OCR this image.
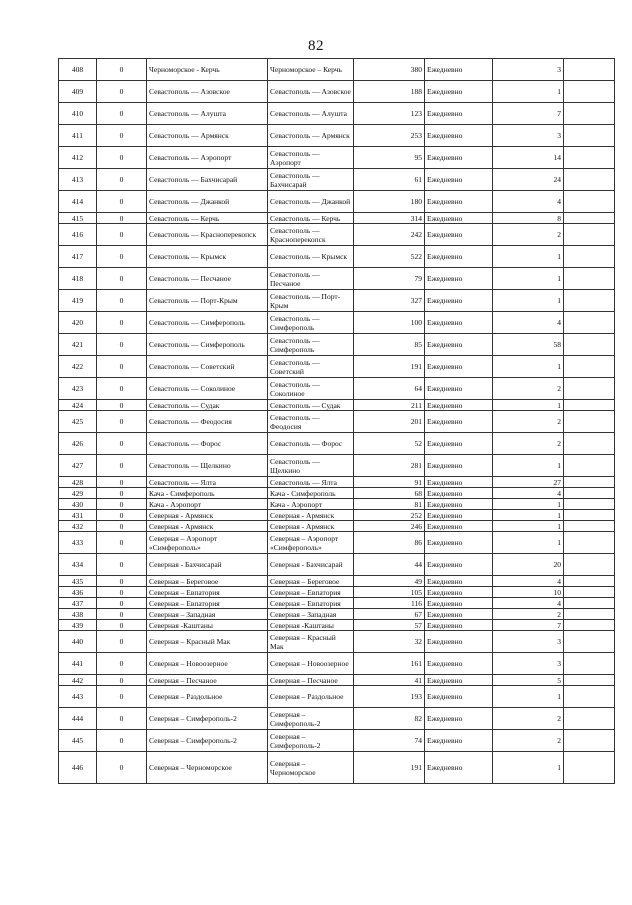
82
408	0	Черноморское - Керчь	Черноморское – Керчь	380	Ежедневно	3	
409	0	Севастополь — Азовское	Севастополь — Азовское	188	Ежедневно	1	
410	0	Севастополь — Алушта	Севастополь — Алушта	123	Ежедневно	7	
411	0	Севастополь — Армянск	Севастополь — Армянск	253	Ежедневно	3	
412	0	Севастополь — Аэропорт	Севастополь — Аэропорт	95	Ежедневно	14	
413	0	Севастополь — Бахчисарай	Севастополь — Бахчисарай	61	Ежедневно	24	
414	0	Севастополь — Джанкой	Севастополь — Джанкой	180	Ежедневно	4	
415	0	Севастополь — Керчь	Севастополь — Керчь	314	Ежедневно	8	
416	0	Севастополь — Красноперекопск	Севастополь — Красноперекопск	242	Ежедневно	2	
417	0	Севастополь — Крымск	Севастополь — Крымск	522	Ежедневно	1	
418	0	Севастополь — Песчаное	Севастополь — Песчаное	79	Ежедневно	1	
419	0	Севастополь — Порт-Крым	Севастополь — Порт-Крым	327	Ежедневно	1	
420	0	Севастополь — Симферополь	Севастополь — Симферополь	100	Ежедневно	4	
421	0	Севастополь — Симферополь	Севастополь — Симферополь	85	Ежедневно	58	
422	0	Севастополь — Советский	Севастополь — Советский	191	Ежедневно	1	
423	0	Севастополь — Соколиное	Севастополь — Соколиное	64	Ежедневно	2	
424	0	Севастополь — Судак	Севастополь — Судак	211	Ежедневно	1	
425	0	Севастополь — Феодосия	Севастополь — Феодосия	201	Ежедневно	2	
426	0	Севастополь — Форос	Севастополь — Форос	52	Ежедневно	2	
427	0	Севастополь — Щелкино	Севастополь — Щелкино	281	Ежедневно	1	
428	0	Севастополь — Ялта	Севастополь — Ялта	91	Ежедневно	27	
429	0	Кача - Симферополь	Кача - Симферополь	68	Ежедневно	4	
430	0	Кача - Аэропорт	Кача - Аэропорт	81	Ежедневно	1	
431	0	Северная - Армянск	Северная - Армянск	252	Ежедневно	1	
432	0	Северная - Армянск	Северная - Армянск	246	Ежедневно	1	
433	0	Северная – Аэропорт «Симферополь»	Северная – Аэропорт «Симферополь»	86	Ежедневно	1	
434	0	Северная - Бахчисарай	Северная - Бахчисарай	44	Ежедневно	20	
435	0	Северная – Береговое	Северная – Береговое	49	Ежедневно	4	
436	0	Северная – Евпатория	Северная – Евпатория	105	Ежедневно	10	
437	0	Северная – Евпатория	Северная – Евпатория	116	Ежедневно	4	
438	0	Северная – Западная	Северная – Западная	67	Ежедневно	2	
439	0	Северная -Каштаны	Северная -Каштаны	57	Ежедневно	7	
440	0	Северная – Красный Мак	Северная – Красный Мак	32	Ежедневно	3	
441	0	Северная – Новоозерное	Северная – Новоозерное	161	Ежедневно	3	
442	0	Северная – Песчаное	Северная – Песчаное	41	Ежедневно	5	
443	0	Северная – Раздольное	Северная – Раздольное	193	Ежедневно	1	
444	0	Северная – Симферополь-2	Северная – Симферополь-2	82	Ежедневно	2	
445	0	Северная – Симферополь-2	Северная – Симферополь-2	74	Ежедневно	2	
446	0	Северная – Черноморское	Северная – Черноморское	191	Ежедневно	1	
